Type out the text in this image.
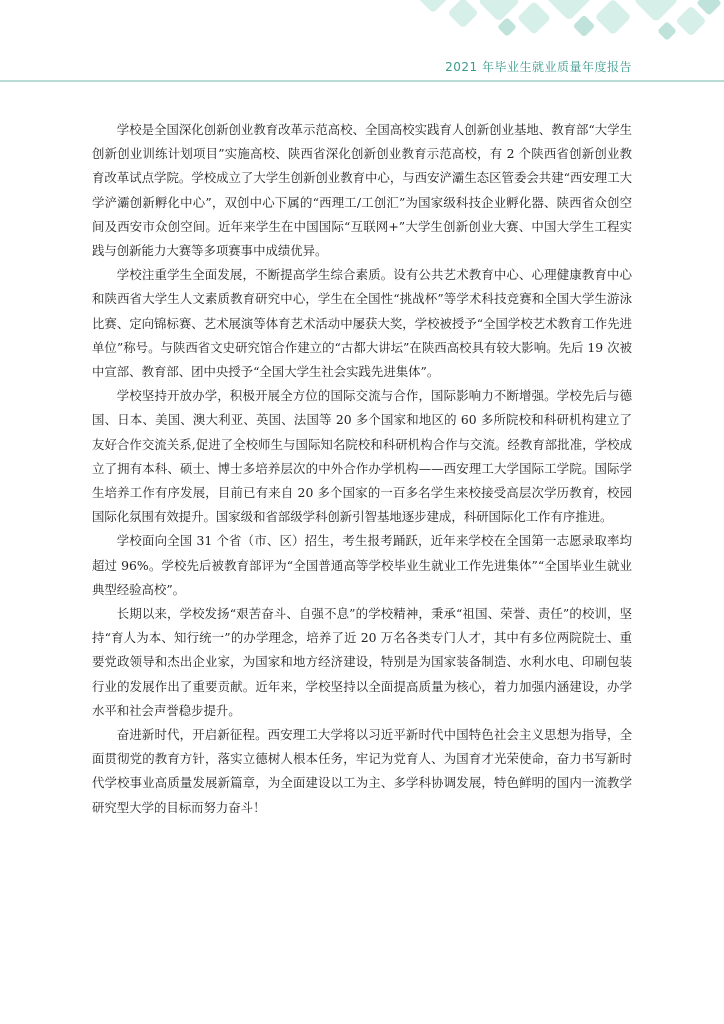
2021 年毕业生就业质量年度报告

学校是全国深化创新创业教育改革示范高校、全国高校实践育人创新创业基地、教育部“大学生创新创业训练计划项目”实施高校、陕西省深化创新创业教育示范高校，有 2 个陕西省创新创业教育改革试点学院。学校成立了大学生创新创业教育中心，与西安浐灞生态区管委会共建“西安理工大学浐灞创新孵化中心”，双创中心下属的“西理工/工创汇”为国家级科技企业孵化器、陕西省众创空间及西安市众创空间。近年来学生在中国国际“互联网+”大学生创新创业大赛、中国大学生工程实践与创新能力大赛等多项赛事中成绩优异。

学校注重学生全面发展，不断提高学生综合素质。设有公共艺术教育中心、心理健康教育中心和陕西省大学生人文素质教育研究中心，学生在全国性“挑战杯”等学术科技竞赛和全国大学生游泳比赛、定向锦标赛、艺术展演等体育艺术活动中屡获大奖，学校被授予“全国学校艺术教育工作先进单位”称号。与陕西省文史研究馆合作建立的“古都大讲坛”在陕西高校具有较大影响。先后 19 次被中宣部、教育部、团中央授予“全国大学生社会实践先进集体”。

学校坚持开放办学，积极开展全方位的国际交流与合作，国际影响力不断增强。学校先后与德国、日本、美国、澳大利亚、英国、法国等 20 多个国家和地区的 60 多所院校和科研机构建立了友好合作交流关系,促进了全校师生与国际知名院校和科研机构合作与交流。经教育部批准，学校成立了拥有本科、硕士、博士多培养层次的中外合作办学机构——西安理工大学国际工学院。国际学生培养工作有序发展，目前已有来自 20 多个国家的一百多名学生来校接受高层次学历教育，校园国际化氛围有效提升。国家级和省部级学科创新引智基地逐步建成，科研国际化工作有序推进。

学校面向全国 31 个省（市、区）招生，考生报考踊跃，近年来学校在全国第一志愿录取率均超过 96%。学校先后被教育部评为“全国普通高等学校毕业生就业工作先进集体”“全国毕业生就业典型经验高校”。

长期以来，学校发扬“艰苦奋斗、自强不息”的学校精神，秉承“祖国、荣誉、责任”的校训，坚持“育人为本、知行统一”的办学理念，培养了近 20 万名各类专门人才，其中有多位两院院士、重要党政领导和杰出企业家，为国家和地方经济建设，特别是为国家装备制造、水利水电、印刷包装行业的发展作出了重要贡献。近年来，学校坚持以全面提高质量为核心，着力加强内涵建设，办学水平和社会声誉稳步提升。

奋进新时代，开启新征程。西安理工大学将以习近平新时代中国特色社会主义思想为指导，全面贯彻党的教育方针，落实立德树人根本任务，牢记为党育人、为国育才光荣使命，奋力书写新时代学校事业高质量发展新篇章，为全面建设以工为主、多学科协调发展，特色鲜明的国内一流教学研究型大学的目标而努力奋斗！
